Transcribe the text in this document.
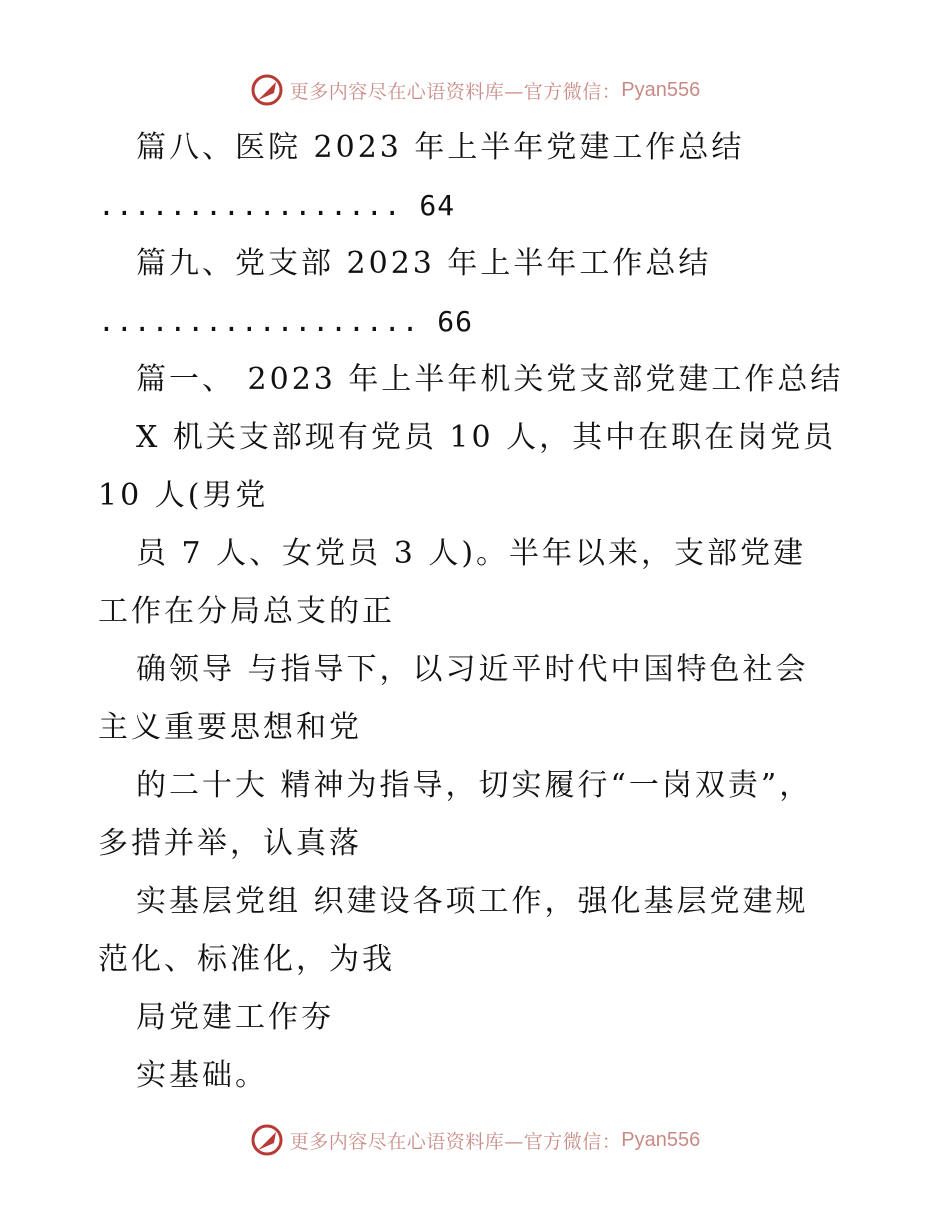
更多内容尽在心语资料库—官方微信： Pyan556
篇八、医院 2023 年上半年党建工作总结
................. 64
篇九、党支部 2023 年上半年工作总结
.................. 66
篇一、 2023 年上半年机关党支部党建工作总结
X 机关支部现有党员 10 人，其中在职在岗党员
10 人(男党
员 7 人、女党员 3 人)。半年以来，支部党建
工作在分局总支的正
确领导 与指导下，以习近平时代中国特色社会
主义重要思想和党
的二十大 精神为指导，切实履行“一岗双责”，
多措并举，认真落
实基层党组 织建设各项工作，强化基层党建规
范化、标准化，为我
局党建工作夯
实基础。
更多内容尽在心语资料库—官方微信： Pyan556
